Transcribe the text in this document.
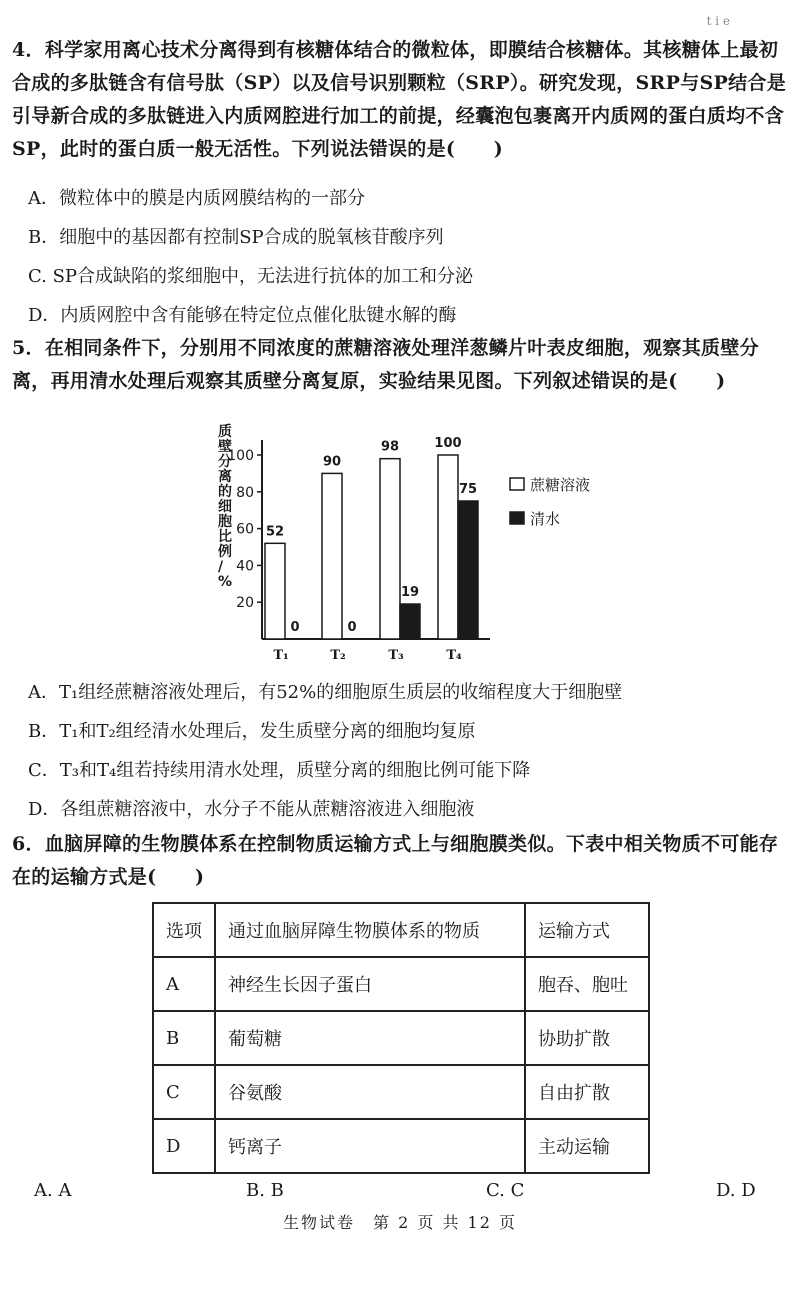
t i e
4．科学家用离心技术分离得到有核糖体结合的微粒体，即膜结合核糖体。其核糖体上最初合成的多肽链含有信号肽（SP）以及信号识别颗粒（SRP）。研究发现，SRP与SP结合是引导新合成的多肽链进入内质网腔进行加工的前提，经囊泡包裹离开内质网的蛋白质均不含SP，此时的蛋白质一般无活性。下列说法错误的是(　　)
A．微粒体中的膜是内质网膜结构的一部分
B．细胞中的基因都有控制SP合成的脱氧核苷酸序列
C. SP合成缺陷的浆细胞中，无法进行抗体的加工和分泌
D．内质网腔中含有能够在特定位点催化肽键水解的酶
5．在相同条件下，分别用不同浓度的蔗糖溶液处理洋葱鳞片叶表皮细胞，观察其质壁分离，再用清水处理后观察其质壁分离复原，实验结果见图。下列叙述错误的是(　　)
质壁分离的细胞比例/ %
20
40
60
80
100
52
0
90
0
98
19
100
75
T₁	T₂	T₃	T₄
蔗糖溶液
清水
A．T₁组经蔗糖溶液处理后，有52%的细胞原生质层的收缩程度大于细胞壁
B．T₁和T₂组经清水处理后，发生质壁分离的细胞均复原
C．T₃和T₄组若持续用清水处理，质壁分离的细胞比例可能下降
D．各组蔗糖溶液中，水分子不能从蔗糖溶液进入细胞液
6．血脑屏障的生物膜体系在控制物质运输方式上与细胞膜类似。下表中相关物质不可能存在的运输方式是(　　)
选项	通过血脑屏障生物膜体系的物质	运输方式
A	神经生长因子蛋白	胞吞、胞吐
B	葡萄糖	协助扩散
C	谷氨酸	自由扩散
D	钙离子	主动运输
A. A	B. B	C. C	D. D
生物试卷　第 2 页 共 12 页
